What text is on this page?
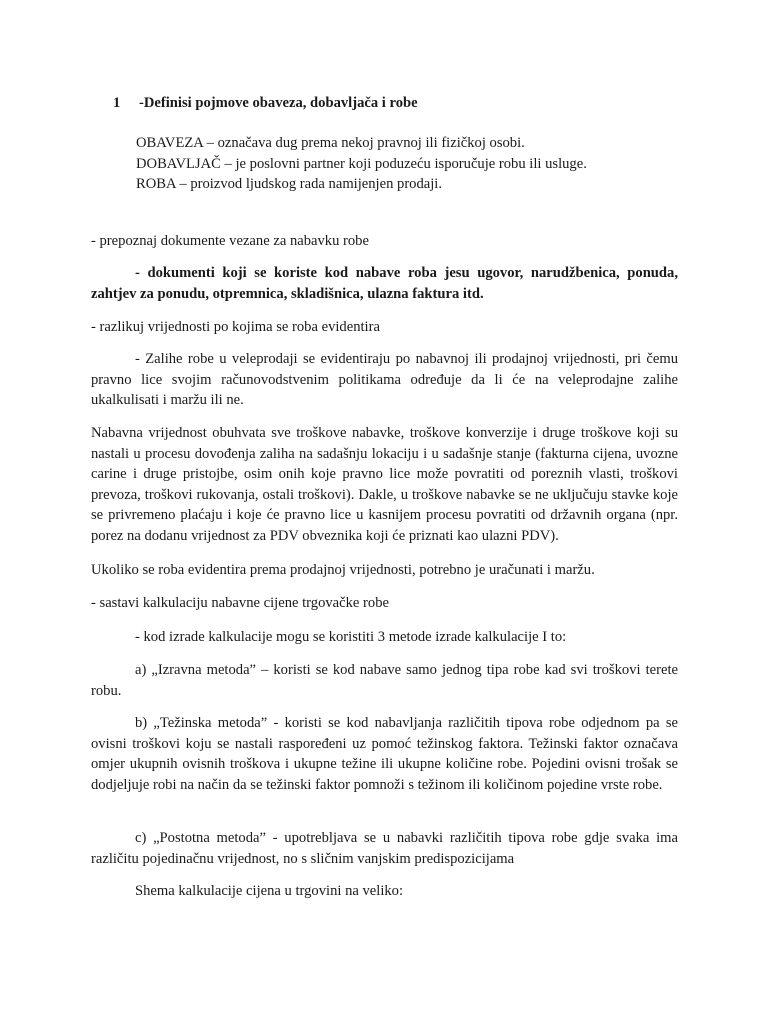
1 -Definisi pojmove obaveza, dobavljača i robe
OBAVEZA – označava dug prema nekoj pravnoj ili fizičkoj osobi.
DOBAVLJAČ – je poslovni partner koji poduzeću isporučuje robu ili usluge.
ROBA – proizvod ljudskog rada namijenjen prodaji.

- prepoznaj dokumente vezane za nabavku robe

- dokumenti koji se koriste kod nabave roba jesu ugovor, narudžbenica, ponuda, zahtjev za ponudu, otpremnica, skladišnica, ulazna faktura itd.

- razlikuj vrijednosti po kojima se roba evidentira

- Zalihe robe u veleprodaji se evidentiraju po nabavnoj ili prodajnoj vrijednosti, pri čemu pravno lice svojim računovodstvenim politikama određuje da li će na veleprodajne zalihe ukalkulisati i maržu ili ne.

Nabavna vrijednost obuhvata sve troškove nabavke, troškove konverzije i druge troškove koji su nastali u procesu dovođenja zaliha na sadašnju lokaciju i u sadašnje stanje (fakturna cijena, uvozne carine i druge pristojbe, osim onih koje pravno lice može povratiti od poreznih vlasti, troškovi prevoza, troškovi rukovanja, ostali troškovi). Dakle, u troškove nabavke se ne uključuju stavke koje se privremeno plaćaju i koje će pravno lice u kasnijem procesu povratiti od državnih organa (npr. porez na dodanu vrijednost za PDV obveznika koji će priznati kao ulazni PDV).

Ukoliko se roba evidentira prema prodajnoj vrijednosti, potrebno je uračunati i maržu.

- sastavi kalkulaciju nabavne cijene trgovačke robe

- kod izrade kalkulacije mogu se koristiti 3 metode izrade kalkulacije I to:

a) „Izravna metoda” – koristi se kod nabave samo jednog tipa robe kad svi troškovi terete robu.

b) „Težinska metoda” - koristi se kod nabavljanja različitih tipova robe odjednom pa se ovisni troškovi koju se nastali raspoređeni uz pomoć težinskog faktora. Težinski faktor označava omjer ukupnih ovisnih troškova i ukupne težine ili ukupne količine robe. Pojedini ovisni trošak se dodjeljuje robi na način da se težinski faktor pomnoži s težinom ili količinom pojedine vrste robe.

c) „Postotna metoda” - upotrebljava se u nabavki različitih tipova robe gdje svaka ima različitu pojedinačnu vrijednost, no s sličnim vanjskim predispozicijama

Shema kalkulacije cijena u trgovini na veliko:
